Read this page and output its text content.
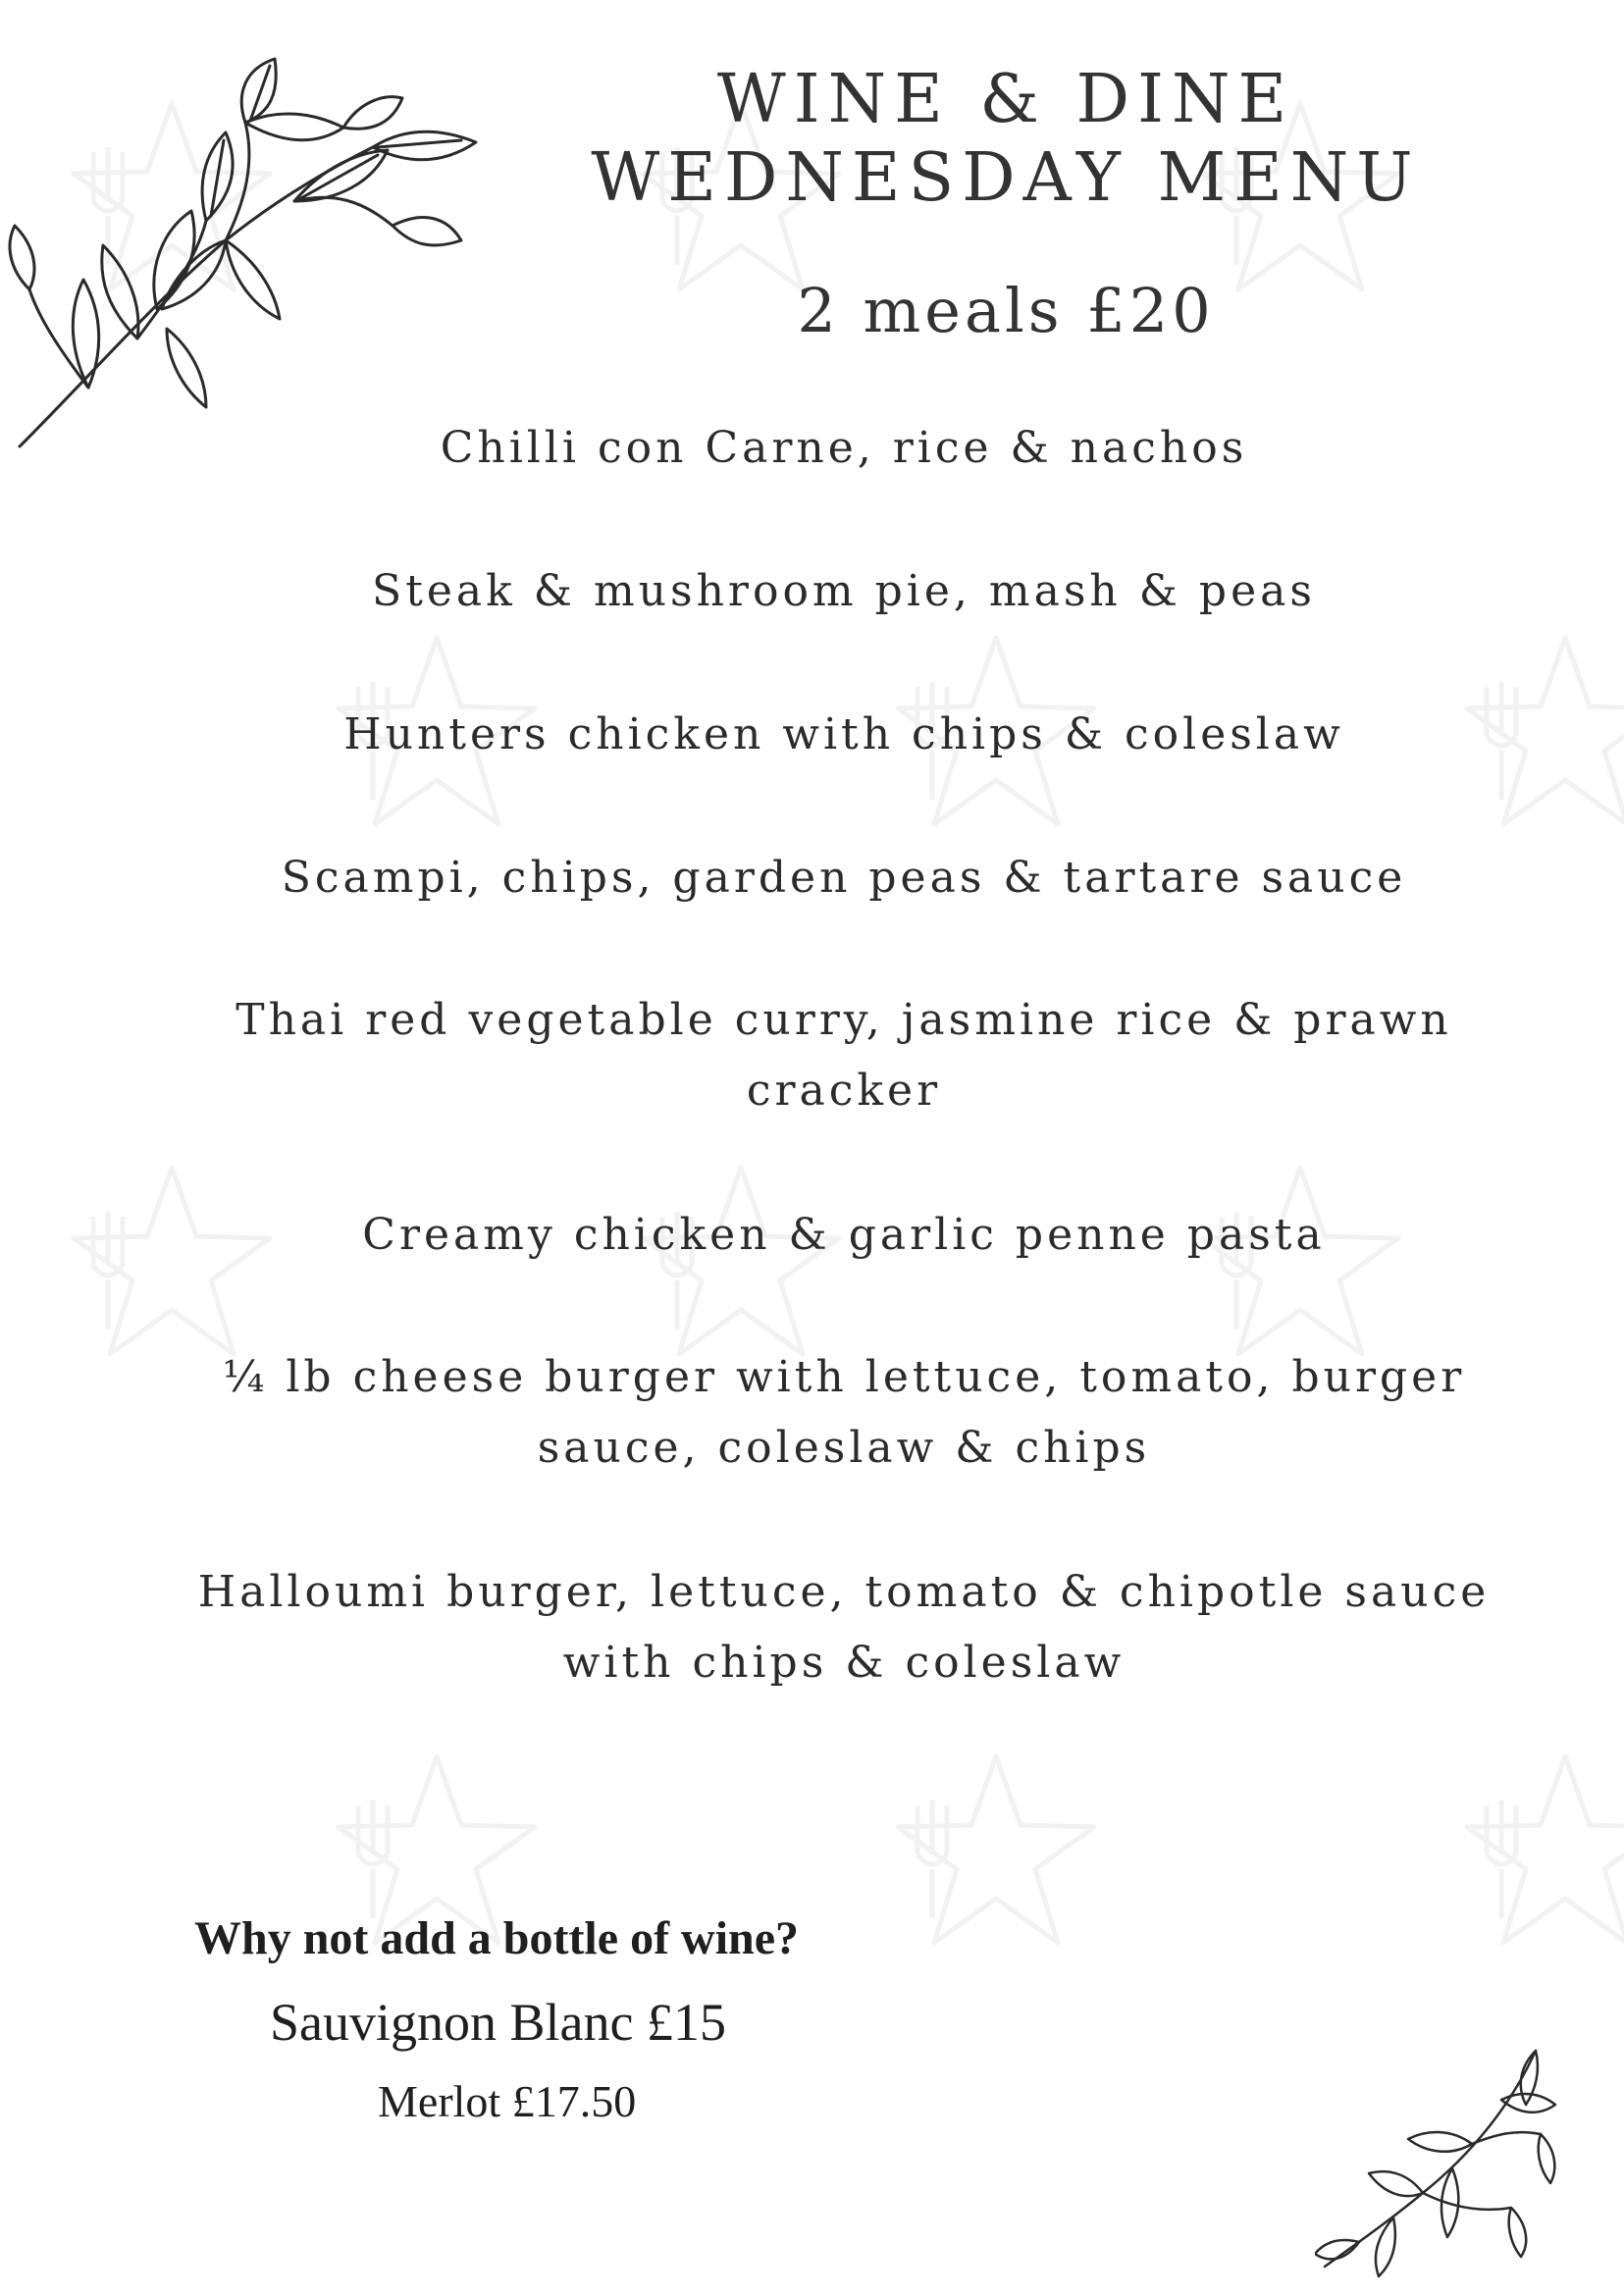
WINE & DINE
WEDNESDAY MENU
2 meals £20
Chilli con Carne, rice & nachos
Steak & mushroom pie, mash & peas
Hunters chicken with chips & coleslaw
Scampi, chips, garden peas & tartare sauce
Thai red vegetable curry, jasmine rice & prawn
cracker
Creamy chicken & garlic penne pasta
¼ lb cheese burger with lettuce, tomato, burger
sauce, coleslaw & chips
Halloumi burger, lettuce, tomato & chipotle sauce
with chips & coleslaw
Why not add a bottle of wine?
Sauvignon Blanc £15
Merlot £17.50
